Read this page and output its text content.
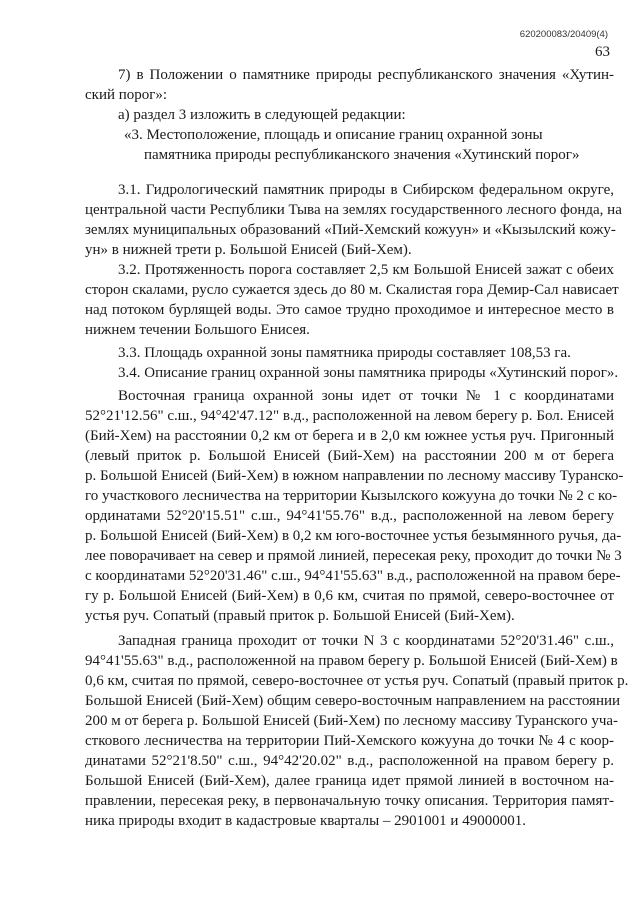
620200083/20409(4)
63
7) в Положении о памятнике природы республиканского значения «Хутин-
ский порог»:
а) раздел 3 изложить в следующей редакции:
«3. Местоположение, площадь и описание границ охранной зоны
памятника природы республиканского значения «Хутинский порог»
3.1. Гидрологический памятник природы в Сибирском федеральном округе,
центральной части Республики Тыва на землях государственного лесного фонда, на
землях муниципальных образований «Пий-Хемский кожуун» и «Кызылский кожу-
ун» в нижней трети р. Большой Енисей (Бий-Хем).
3.2. Протяженность порога составляет 2,5 км Большой Енисей зажат с обеих
сторон скалами, русло сужается здесь до 80 м. Скалистая гора Демир-Сал нависает
над потоком бурлящей воды. Это самое трудно проходимое и интересное место в
нижнем течении Большого Енисея.
3.3. Площадь охранной зоны памятника природы составляет 108,53 га.
3.4. Описание границ охранной зоны памятника природы «Хутинский порог».
Восточная граница охранной зоны идет от точки № 1 с координатами
52°21'12.56" с.ш., 94°42'47.12" в.д., расположенной на левом берегу р. Бол. Енисей
(Бий-Хем) на расстоянии 0,2 км от берега и в 2,0 км южнее устья руч. Пригонный
(левый приток р. Большой Енисей (Бий-Хем) на расстоянии 200 м от берега
р. Большой Енисей (Бий-Хем) в южном направлении по лесному массиву Туранско-
го участкового лесничества на территории Кызылского кожууна до точки № 2 с ко-
ординатами 52°20'15.51" с.ш., 94°41'55.76" в.д., расположенной на левом берегу
р. Большой Енисей (Бий-Хем) в 0,2 км юго-восточнее устья безымянного ручья, да-
лее поворачивает на север и прямой линией, пересекая реку, проходит до точки № 3
с координатами 52°20'31.46" с.ш., 94°41'55.63" в.д., расположенной на правом бере-
гу р. Большой Енисей (Бий-Хем) в 0,6 км, считая по прямой, северо-восточнее от
устья руч. Сопатый (правый приток р. Большой Енисей (Бий-Хем).
Западная граница проходит от точки N 3 с координатами 52°20'31.46" с.ш.,
94°41'55.63" в.д., расположенной на правом берегу р. Большой Енисей (Бий-Хем) в
0,6 км, считая по прямой, северо-восточнее от устья руч. Сопатый (правый приток р.
Большой Енисей (Бий-Хем) общим северо-восточным направлением на расстоянии
200 м от берега р. Большой Енисей (Бий-Хем) по лесному массиву Туранского уча-
сткового лесничества на территории Пий-Хемского кожууна до точки № 4 с коор-
динатами 52°21'8.50" с.ш., 94°42'20.02" в.д., расположенной на правом берегу р.
Большой Енисей (Бий-Хем), далее граница идет прямой линией в восточном на-
правлении, пересекая реку, в первоначальную точку описания. Территория памят-
ника природы входит в кадастровые кварталы – 2901001 и 49000001.
